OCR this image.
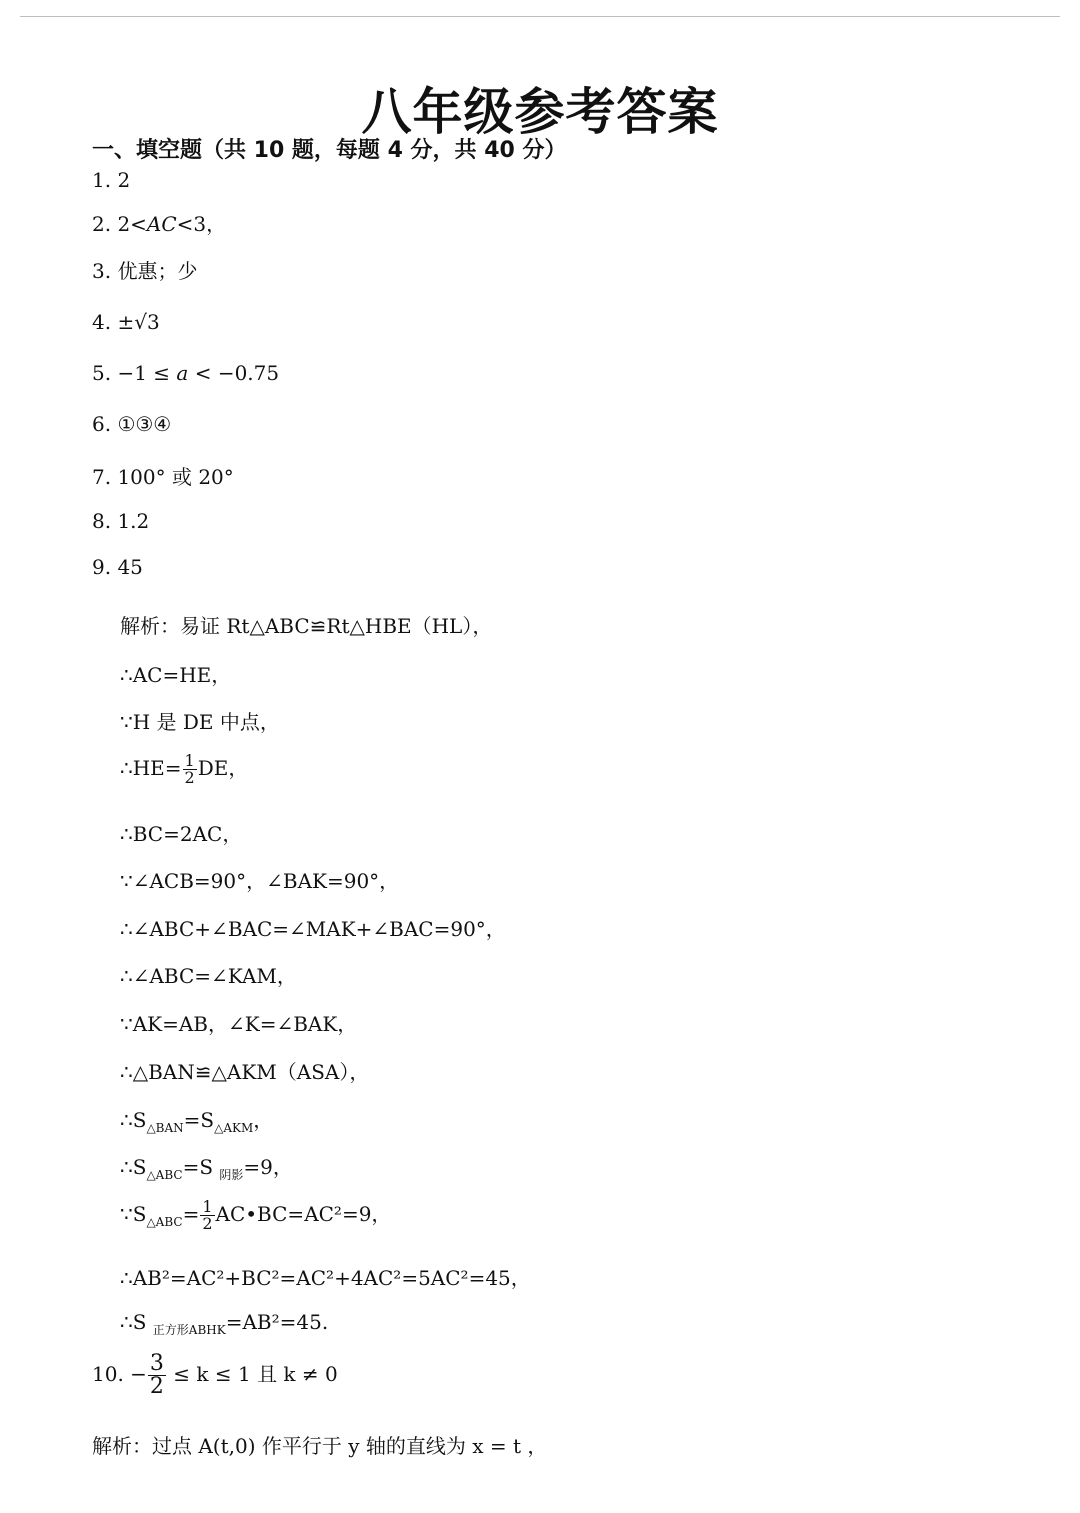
八年级参考答案
一、填空题（共 10 题，每题 4 分，共 40 分）
1. 2
2. 2<AC<3，
3. 优惠；少
4. ±√3
5. −1 ≤ a < −0.75
6. ①③④
7. 100° 或 20°
8. 1.2
9. 45
解析：易证 Rt△ABC≌Rt△HBE（HL），
∴AC=HE，
∵H 是 DE 中点，
∴HE= $\frac{1}{2}$ DE，
∴BC=2AC，
∵∠ACB=90°，∠BAK=90°，
∴∠ABC+∠BAC=∠MAK+∠BAC=90°，
∴∠ABC=∠KAM，
∵AK=AB，∠K=∠BAK，
∴△BAN≌△AKM（ASA），
$\therefore S_{\triangle BAN}=S_{\triangle AKM}$，
$\therefore S_{\triangle ABC}=S$ $_{阴影}$=9，
$\because S_{\triangle ABC}= \frac{1}{2}$ AC•BC=AC²=9，
∴AB²=AC²+BC²=AC²+4AC²=5AC²=45，
∴S $_{正方形ABHK}$=AB²=45.
10. − $\frac{3}{2} \le k \le 1$ 且 k ≠ 0
解析：过点 A(t,0) 作平行于 y 轴的直线为 x = t ，
